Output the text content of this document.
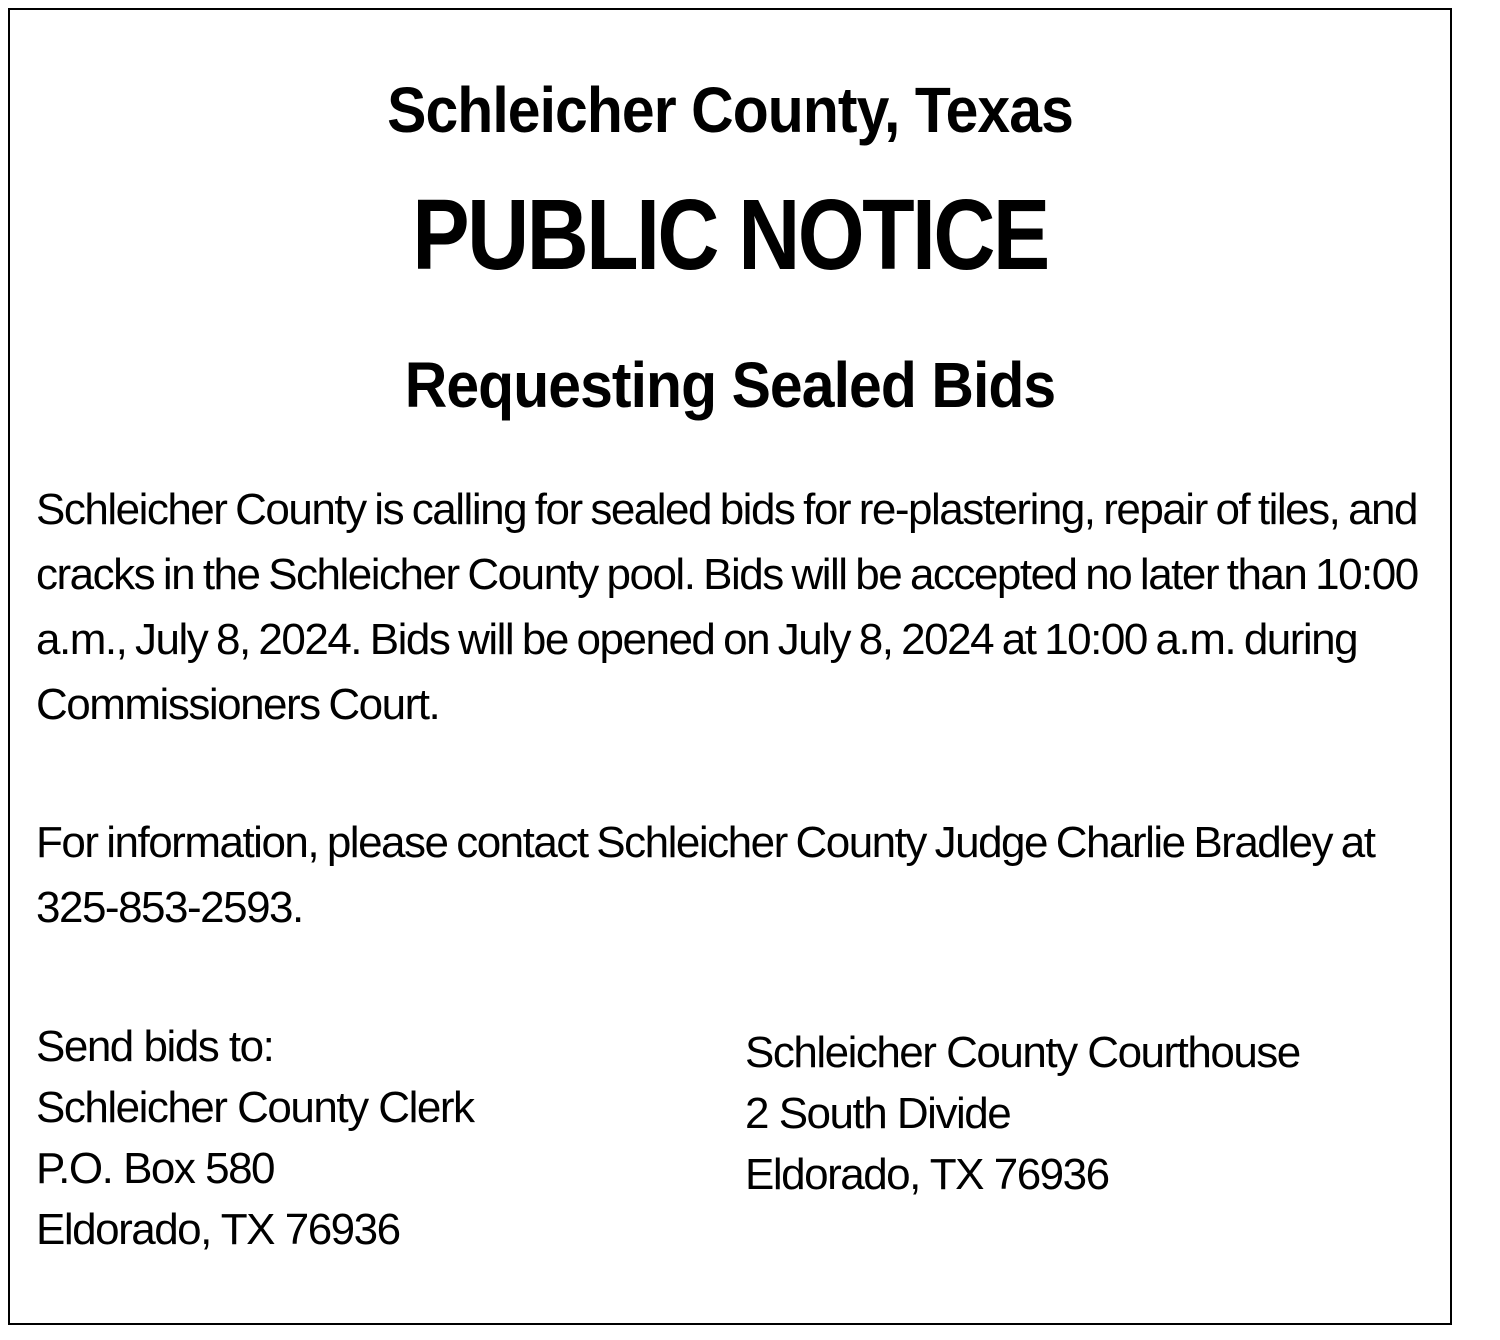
Schleicher County, Texas
PUBLIC NOTICE
Requesting Sealed Bids
Schleicher County is calling for sealed bids for re-plastering, repair of tiles, and cracks in the Schleicher County pool. Bids will be accepted no later than 10:00 a.m., July 8, 2024. Bids will be opened on July 8, 2024 at 10:00 a.m. during Commissioners Court.
For information, please contact Schleicher County Judge Charlie Bradley at 325-853-2593.
Send bids to:
Schleicher County Clerk
P.O. Box 580
Eldorado, TX 76936
Schleicher County Courthouse
2 South Divide
Eldorado, TX 76936
